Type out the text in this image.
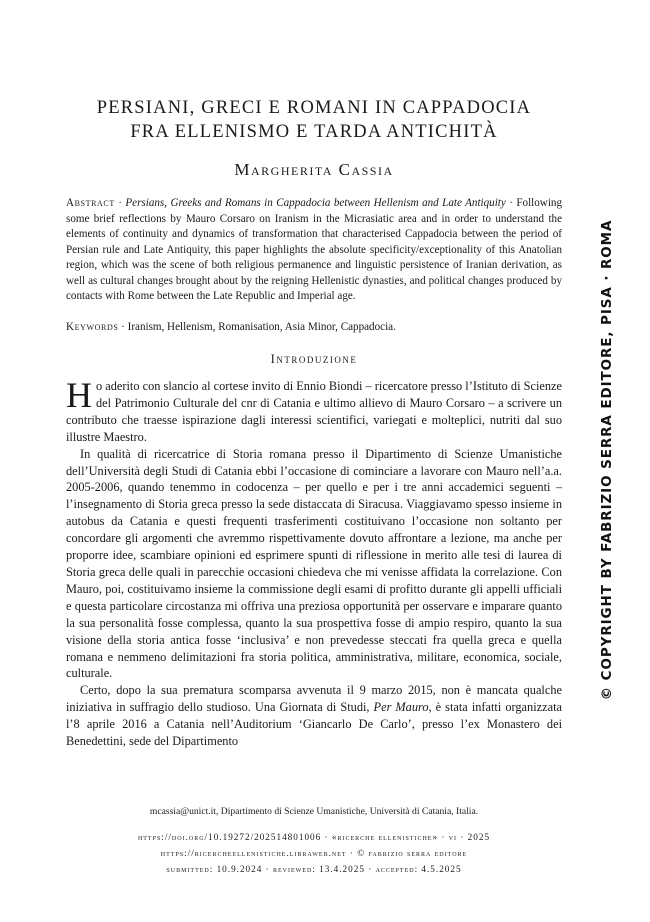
PERSIANI, GRECI E ROMANI IN CAPPADOCIA
FRA ELLENISMO E TARDA ANTICHITÀ
Margherita Cassia
Abstract · Persians, Greeks and Romans in Cappadocia between Hellenism and Late Antiquity · Following some brief reflections by Mauro Corsaro on Iranism in the Micrasiatic area and in order to understand the elements of continuity and dynamics of transformation that characterised Cappadocia between the period of Persian rule and Late Antiquity, this paper highlights the absolute specificity/exceptionality of this Anatolian region, which was the scene of both religious permanence and linguistic persistence of Iranian derivation, as well as cultural changes brought about by the reigning Hellenistic dynasties, and political changes produced by contacts with Rome between the Late Republic and Imperial age.
Keywords · Iranism, Hellenism, Romanisation, Asia Minor, Cappadocia.
Introduzione

Ho aderito con slancio al cortese invito di Ennio Biondi – ricercatore presso l’Istituto di Scienze del Patrimonio Culturale del cnr di Catania e ultimo allievo di Mauro Corsaro – a scrivere un contributo che traesse ispirazione dagli interessi scientifici, variegati e molteplici, nutriti dal suo illustre Maestro.

In qualità di ricercatrice di Storia romana presso il Dipartimento di Scienze Umanistiche dell’Università degli Studi di Catania ebbi l’occasione di cominciare a lavorare con Mauro nell’a.a. 2005-2006, quando tenemmo in codocenza – per quello e per i tre anni accademici seguenti – l’insegnamento di Storia greca presso la sede distaccata di Siracusa. Viaggiavamo spesso insieme in autobus da Catania e questi frequenti trasferimenti costituivano l’occasione non soltanto per concordare gli argomenti che avremmo rispettivamente dovuto affrontare a lezione, ma anche per proporre idee, scambiare opinioni ed esprimere spunti di riflessione in merito alle tesi di laurea di Storia greca delle quali in parecchie occasioni chiedeva che mi venisse affidata la correlazione. Con Mauro, poi, costituivamo insieme la commissione degli esami di profitto durante gli appelli ufficiali e questa particolare circostanza mi offriva una preziosa opportunità per osservare e imparare quanto la sua personalità fosse complessa, quanto la sua prospettiva fosse di ampio respiro, quanto la sua visione della storia antica fosse ‘inclusiva’ e non prevedesse steccati fra quella greca e quella romana e nemmeno delimitazioni fra storia politica, amministrativa, militare, economica, sociale, culturale.

Certo, dopo la sua prematura scomparsa avvenuta il 9 marzo 2015, non è mancata qualche iniziativa in suffragio dello studioso. Una Giornata di Studi, Per Mauro, è stata infatti organizzata l’8 aprile 2016 a Catania nell’Auditorium ‘Giancarlo De Carlo’, presso l’ex Monastero dei Benedettini, sede del Dipartimento

mcassia@unict.it, Dipartimento di Scienze Umanistiche, Università di Catania, Italia.
https://doi.org/10.19272/202514801006 · «ricerche ellenistiche» · vi · 2025
https://ricercheellenistiche.libraweb.net · © fabrizio serra editore
submitted: 10.9.2024 · reviewed: 13.4.2025 · accepted: 4.5.2025
© COPYRIGHT BY FABRIZIO SERRA EDITORE, PISA · ROMA
